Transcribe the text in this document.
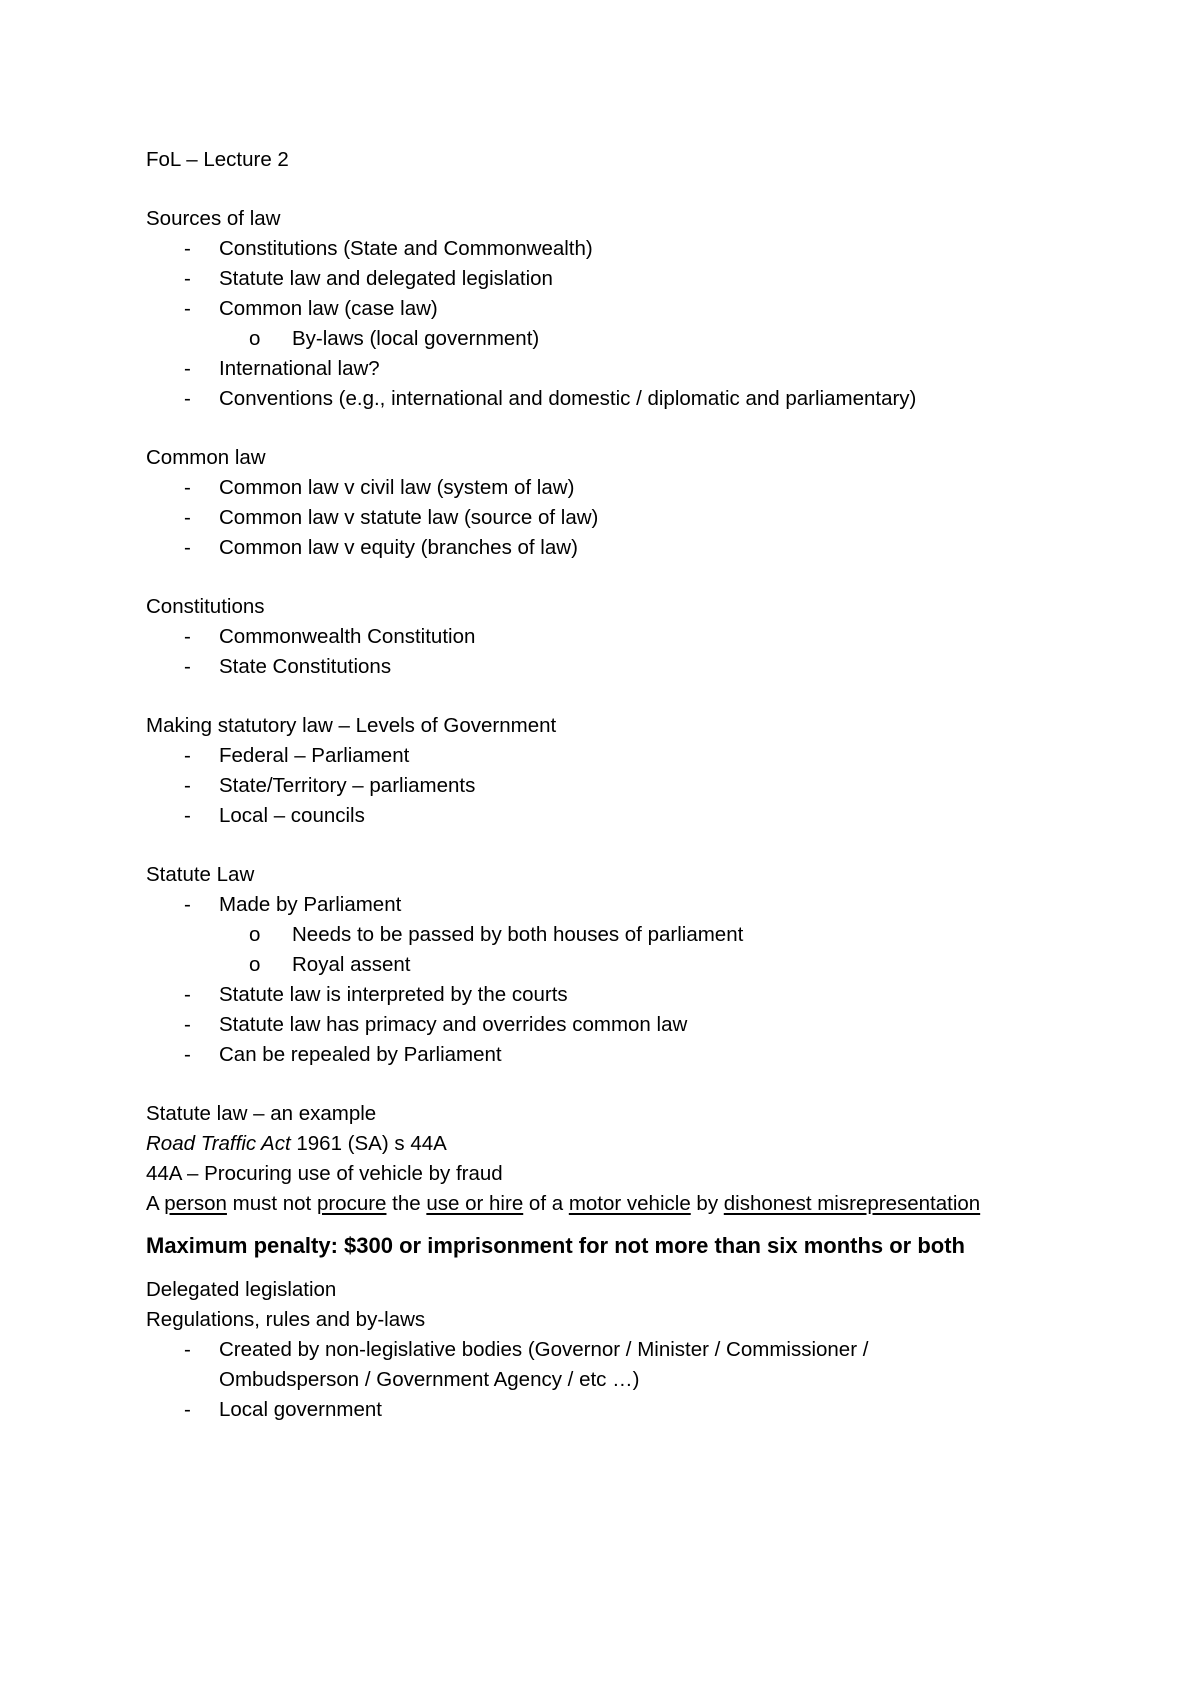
FoL – Lecture 2
Sources of law
- Constitutions (State and Commonwealth)
- Statute law and delegated legislation
- Common law (case law)
o By-laws (local government)
- International law?
- Conventions (e.g., international and domestic / diplomatic and parliamentary)
Common law
- Common law v civil law (system of law)
- Common law v statute law (source of law)
- Common law v equity (branches of law)
Constitutions
- Commonwealth Constitution
- State Constitutions
Making statutory law – Levels of Government
- Federal – Parliament
- State/Territory – parliaments
- Local – councils
Statute Law
- Made by Parliament
o Needs to be passed by both houses of parliament
o Royal assent
- Statute law is interpreted by the courts
- Statute law has primacy and overrides common law
- Can be repealed by Parliament
Statute law – an example
Road Traffic Act 1961 (SA) s 44A
44A – Procuring use of vehicle by fraud
A person must not procure the use or hire of a motor vehicle by dishonest misrepresentation
Maximum penalty: $300 or imprisonment for not more than six months or both
Delegated legislation
Regulations, rules and by-laws
- Created by non-legislative bodies (Governor / Minister / Commissioner / Ombudsperson / Government Agency / etc …)
- Local government
